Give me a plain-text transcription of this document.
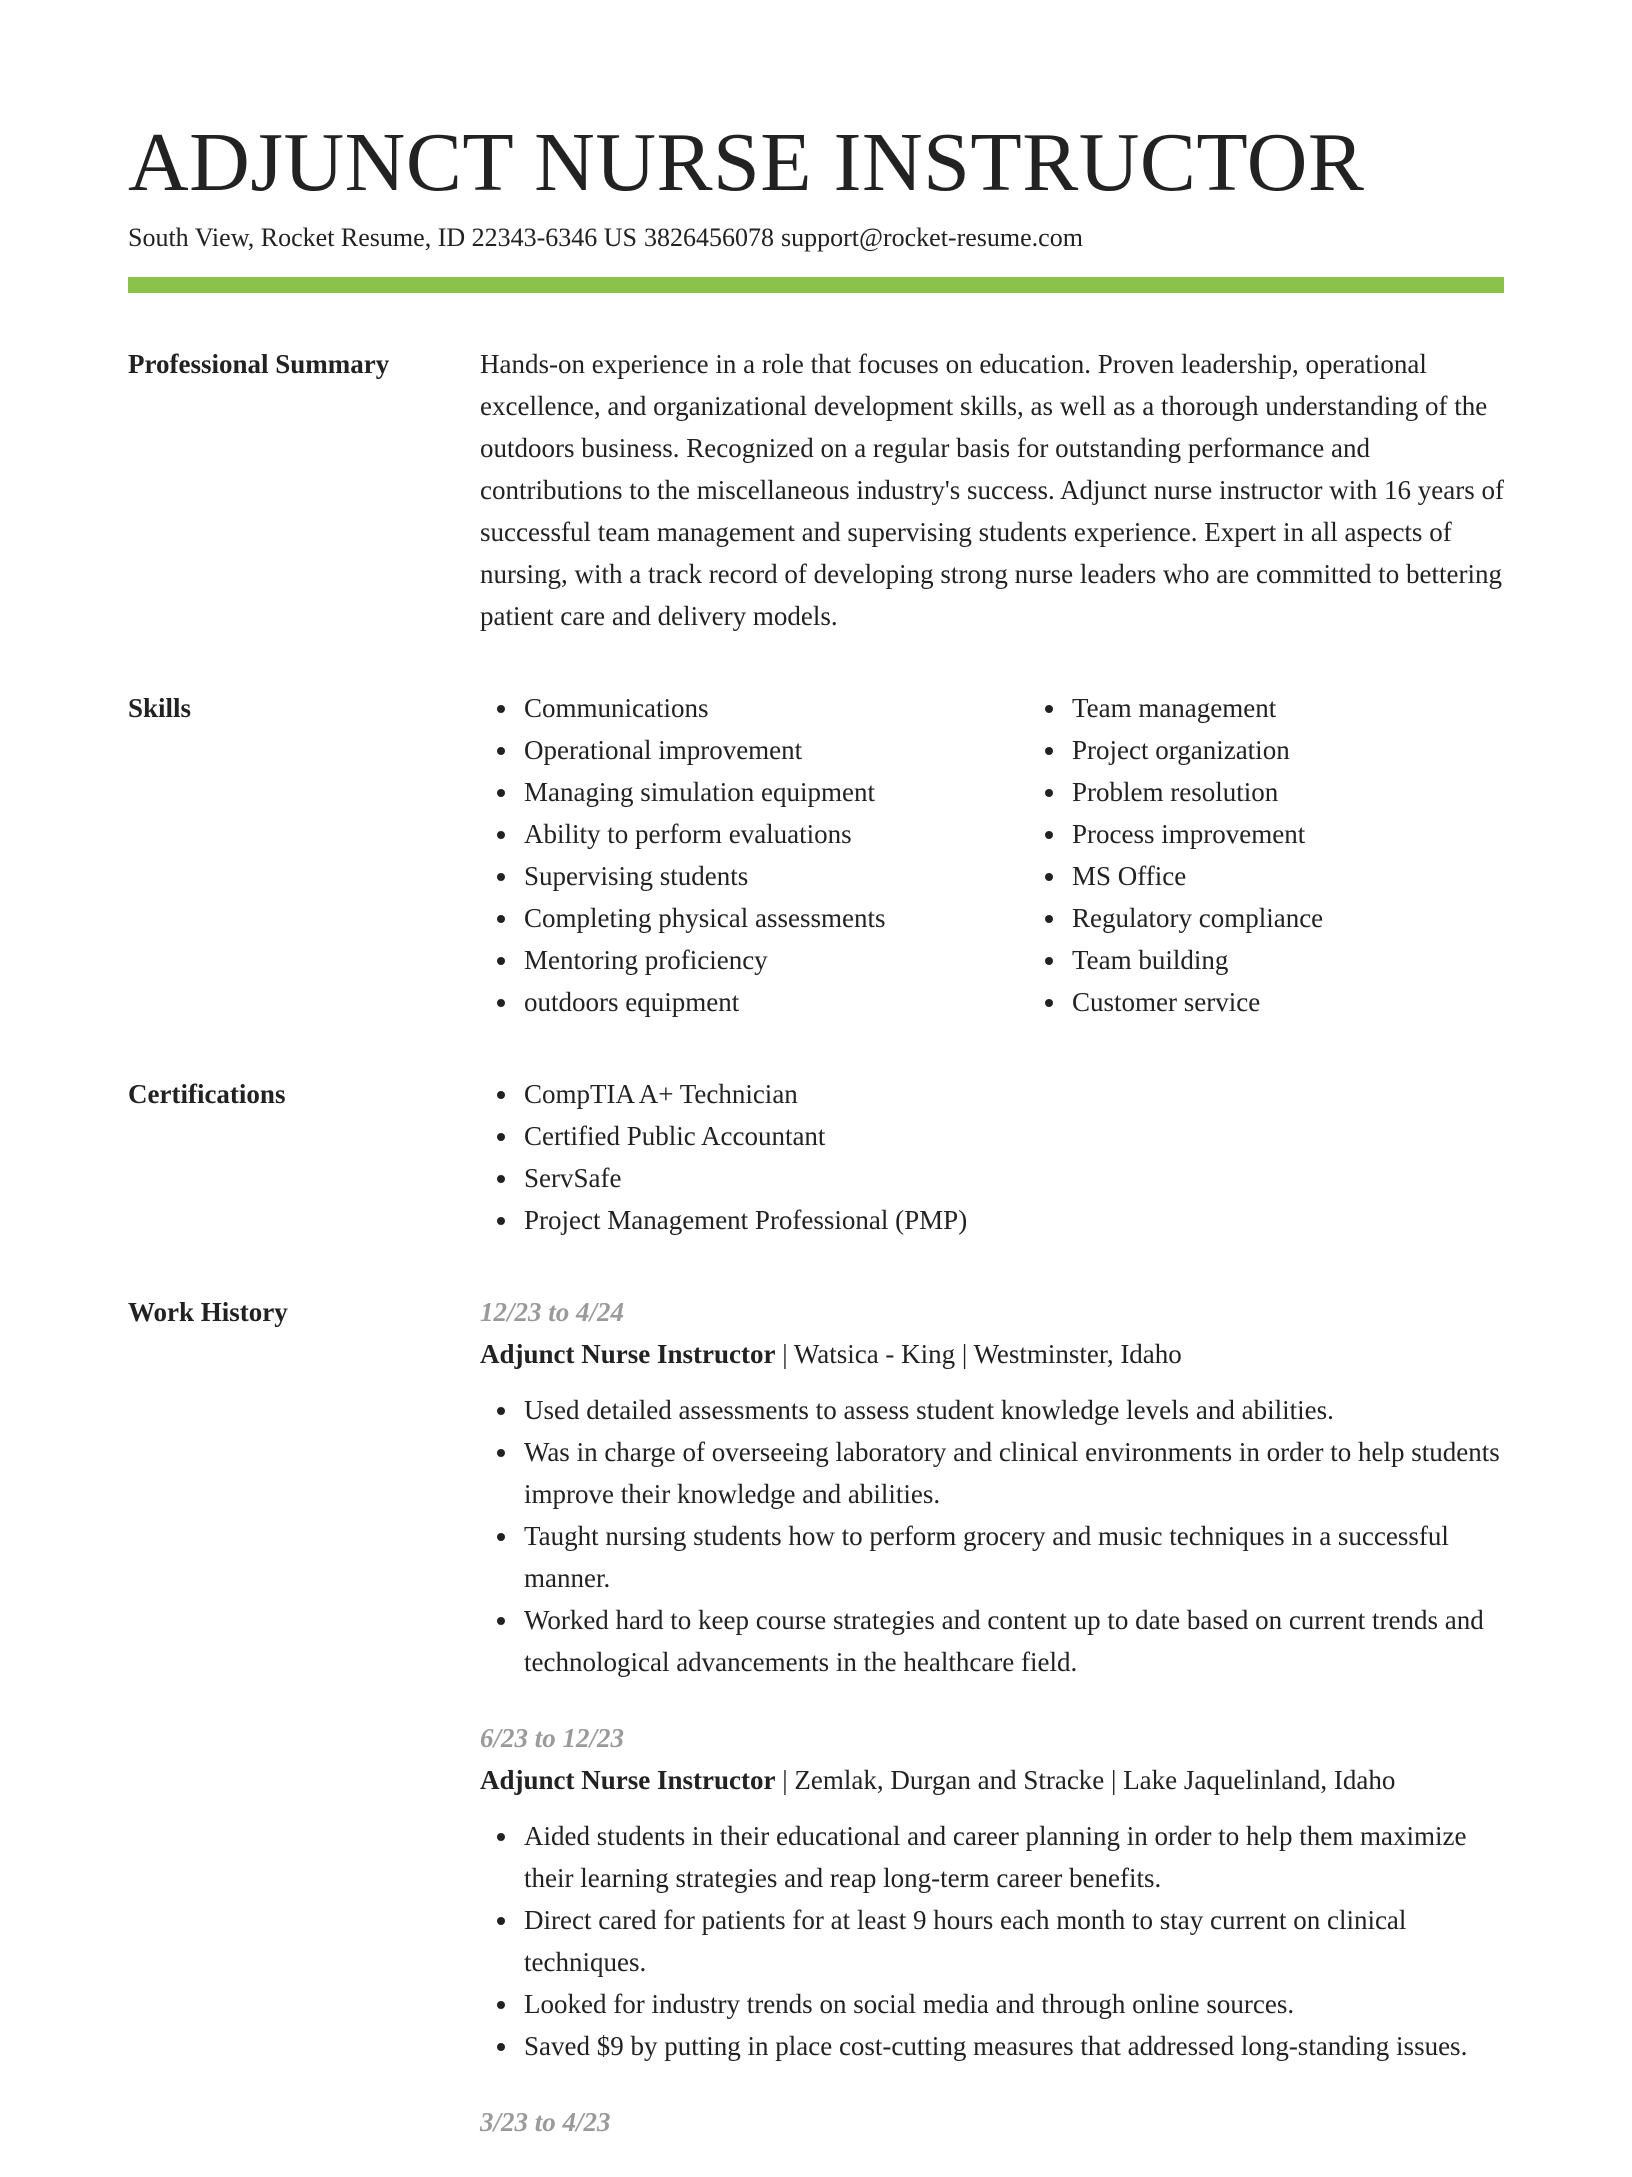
ADJUNCT NURSE INSTRUCTOR
South View, Rocket Resume, ID 22343-6346 US 3826456078 support@rocket-resume.com
Professional Summary	Hands-on experience in a role that focuses on education. Proven leadership, operational excellence, and organizational development skills, as well as a thorough understanding of the outdoors business. Recognized on a regular basis for outstanding performance and contributions to the miscellaneous industry's success. Adjunct nurse instructor with 16 years of successful team management and supervising students experience. Expert in all aspects of nursing, with a track record of developing strong nurse leaders who are committed to bettering patient care and delivery models.

Skills	Communications
Operational improvement
Managing simulation equipment
Ability to perform evaluations
Supervising students
Completing physical assessments
Mentoring proficiency
outdoors equipment
Team management
Project organization
Problem resolution
Process improvement
MS Office
Regulatory compliance
Team building
Customer service
Certifications	CompTIA A+ Technician
Certified Public Accountant
ServSafe
Project Management Professional (PMP)
Work History	12/23 to 4/24
Adjunct Nurse Instructor | Watsica - King | Westminster, Idaho
Used detailed assessments to assess student knowledge levels and abilities.
Was in charge of overseeing laboratory and clinical environments in order to help students improve their knowledge and abilities.
Taught nursing students how to perform grocery and music techniques in a successful manner.
Worked hard to keep course strategies and content up to date based on current trends and technological advancements in the healthcare field.
6/23 to 12/23
Adjunct Nurse Instructor | Zemlak, Durgan and Stracke | Lake Jaquelinland, Idaho
Aided students in their educational and career planning in order to help them maximize their learning strategies and reap long-term career benefits.
Direct cared for patients for at least 9 hours each month to stay current on clinical techniques.
Looked for industry trends on social media and through online sources.
Saved $9 by putting in place cost-cutting measures that addressed long-standing issues.
3/23 to 4/23
